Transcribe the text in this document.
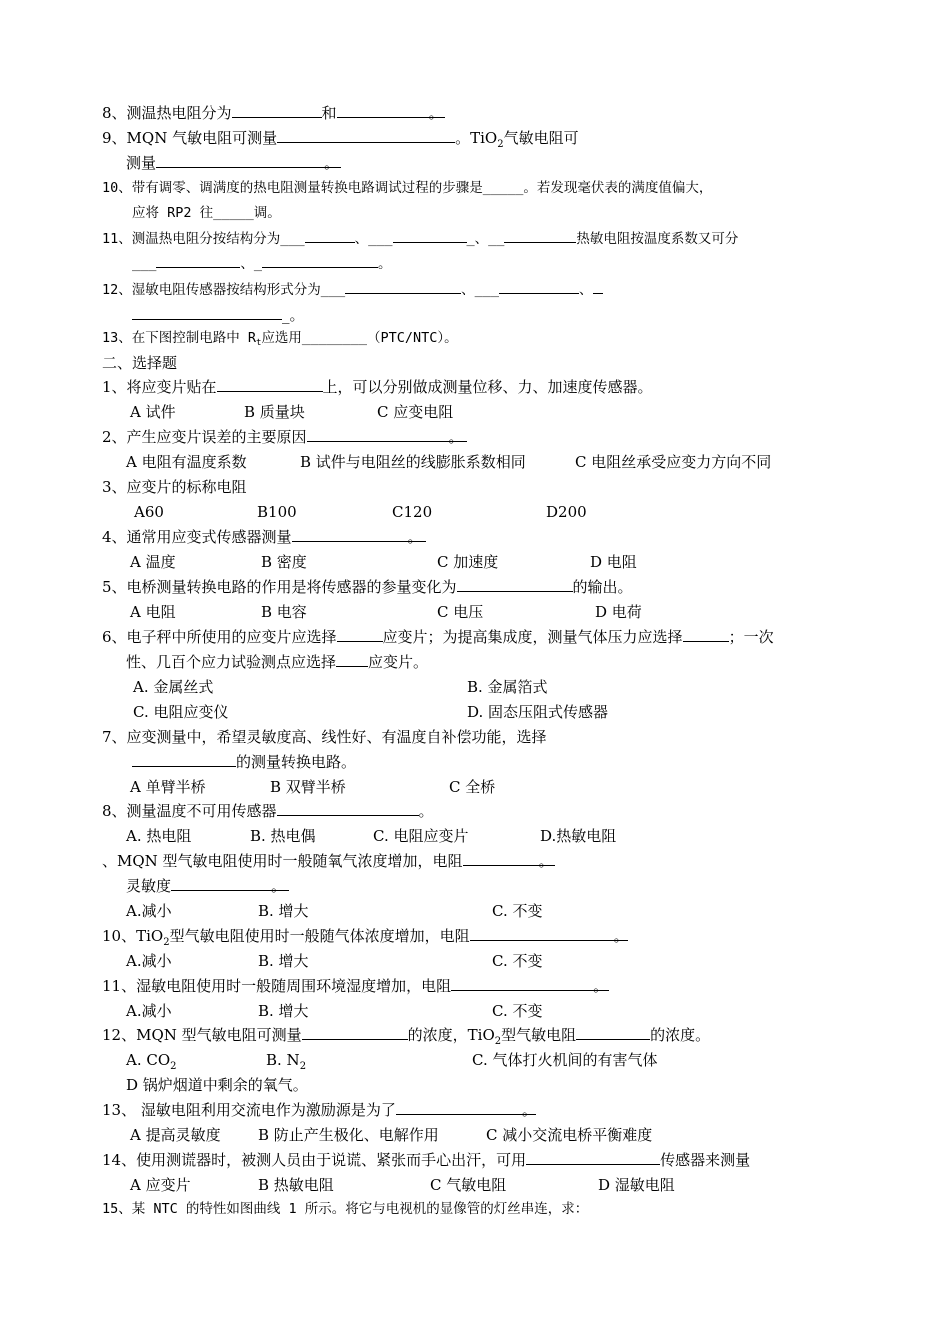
8、测温热电阻分为	和	。
9、MQN 气敏电阻可测量	。TiO$_2$气敏电阻可
测量	。
10、带有调零、调满度的热电阻测量转换电路调试过程的步骤是_____。若发现毫伏表的满度值偏大，
应将 RP2 往_____调。
11、测温热电阻分按结构分为___	、___	_、__	热敏电阻按温度系数又可分
___	、_	。
12、湿敏电阻传感器按结构形式分为___	、___	、
_。
13、在下图控制电路中 $R_t$应选用________（PTC/NTC）。
二、选择题
1、将应变片贴在	上，可以分别做成测量位移、力、加速度传感器。
A 试件	B 质量块	C 应变电阻
2、产生应变片误差的主要原因	。
A 电阻有温度系数	B 试件与电阻丝的线膨胀系数相同	C 电阻丝承受应变力方向不同
3、应变片的标称电阻
A60	B100	C120	D200
4、通常用应变式传感器测量	。
A 温度	B 密度	C 加速度	D 电阻
5、电桥测量转换电路的作用是将传感器的参量变化为	的输出。
A 电阻	B 电容	C 电压	D 电荷
6、电子秤中所使用的应变片应选择	应变片；为提高集成度，测量气体压力应选择	；一次
性、几百个应力试验测点应选择 应变片。
A. 金属丝式	B. 金属箔式
C. 电阻应变仪	D. 固态压阻式传感器
7、应变测量中，希望灵敏度高、线性好、有温度自补偿功能，选择
的测量转换电路。
A 单臂半桥	B 双臂半桥	C 全桥
8、测量温度不可用传感器	。
A. 热电阻	B. 热电偶	C. 电阻应变片	D.热敏电阻
、MQN 型气敏电阻使用时一般随氧气浓度增加，电阻	。
灵敏度	。
A.减小	B. 增大	C. 不变
10、TiO$_2$型气敏电阻使用时一般随气体浓度增加，电阻	。
A.减小	B. 增大	C. 不变
11、湿敏电阻使用时一般随周围环境湿度增加，电阻	。
A.减小	B. 增大	C. 不变
12、MQN 型气敏电阻可测量	的浓度，TiO$_2$型气敏电阻	的浓度。
A. $CO_2$	B. $N_2$	C. 气体打火机间的有害气体
D 锅炉烟道中剩余的氧气。
13、 湿敏电阻利用交流电作为激励源是为了	。
A 提高灵敏度 B 防止产生极化、电解作用	C 减小交流电桥平衡难度
14、使用测谎器时，被测人员由于说谎、紧张而手心出汗，可用	传感器来测量
A 应变片	B 热敏电阻	C 气敏电阻	D 湿敏电阻
15、某 NTC 的特性如图曲线 1 所示。将它与电视机的显像管的灯丝串连，求：
